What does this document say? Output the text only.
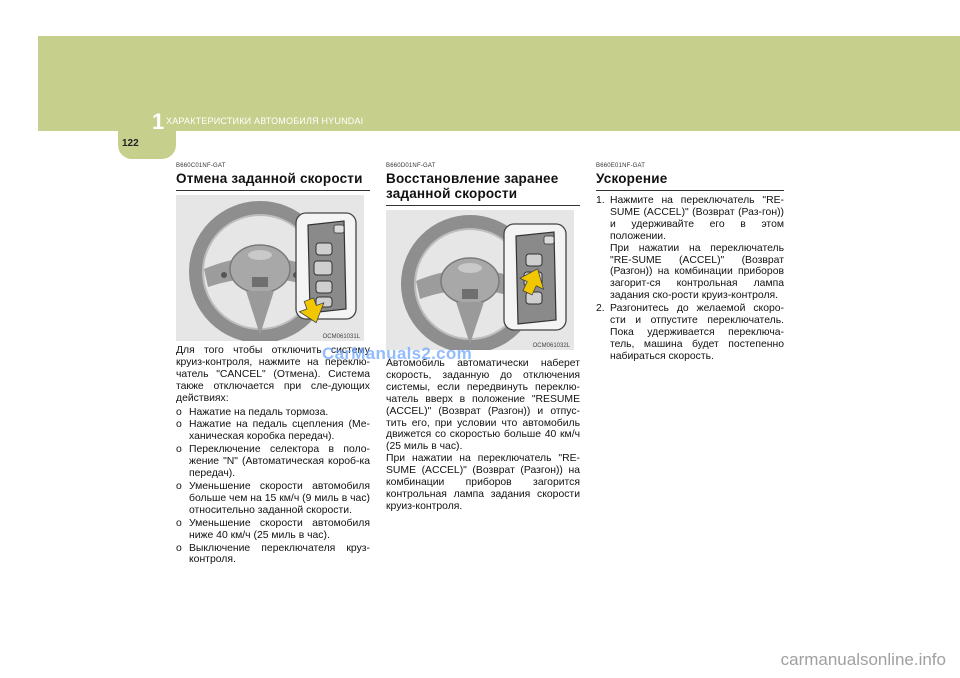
1 ХАРАКТЕРИСТИКИ АВТОМОБИЛЯ HYUNDAI
122
B660C01NF-GAT
Отмена заданной скорости
OCM061031L

Для того чтобы отключить систему круиз-контроля, нажмите на переклю-чатель "CANCEL" (Отмена). Система также отключается при сле-дующих действиях:

o Нажатие на педаль тормоза.
o Нажатие на педаль сцепления (Ме-ханическая коробка передач).
o Переключение селектора в поло-жение "N" (Автоматическая короб-ка передач).
o Уменьшение скорости автомобиля больше чем на 15 км/ч (9 миль в час) относительно заданной скорости.
o Уменьшение скорости автомобиля ниже 40 км/ч (25 миль в час).
o Выключение переключателя круз-контроля.
B660D01NF-GAT
Восстановление заранее заданной скорости
OCM061032L

Автомобиль автоматически наберет скорость, заданную до отключения системы, если передвинуть переклю-чатель вверх в положение "RESUME (ACCEL)" (Возврат (Разгон)) и отпус-тить его, при условии что автомобиль движется со скоростью больше 40 км/ч (25 миль в час).

При нажатии на переключатель "RE-SUME (ACCEL)" (Возврат (Разгон)) на комбинации приборов загорится контрольная лампа задания скорости круиз-контроля.

B660E01NF-GAT
Ускорение
1. Нажмите на переключатель "RE-SUME (ACCEL)" (Возврат (Раз-гон)) и удерживайте его в этом положении.
При нажатии на переключатель "RE-SUME (ACCEL)" (Возврат (Разгон)) на комбинации приборов загорит-ся контрольная лампа задания ско-рости круиз-контроля.
2. Разгонитесь до желаемой скоро-сти и отпустите переключатель. Пока удерживается переключа-тель, машина будет постепенно набираться скорость.
CarManuals2.com
carmanualsonline.info
